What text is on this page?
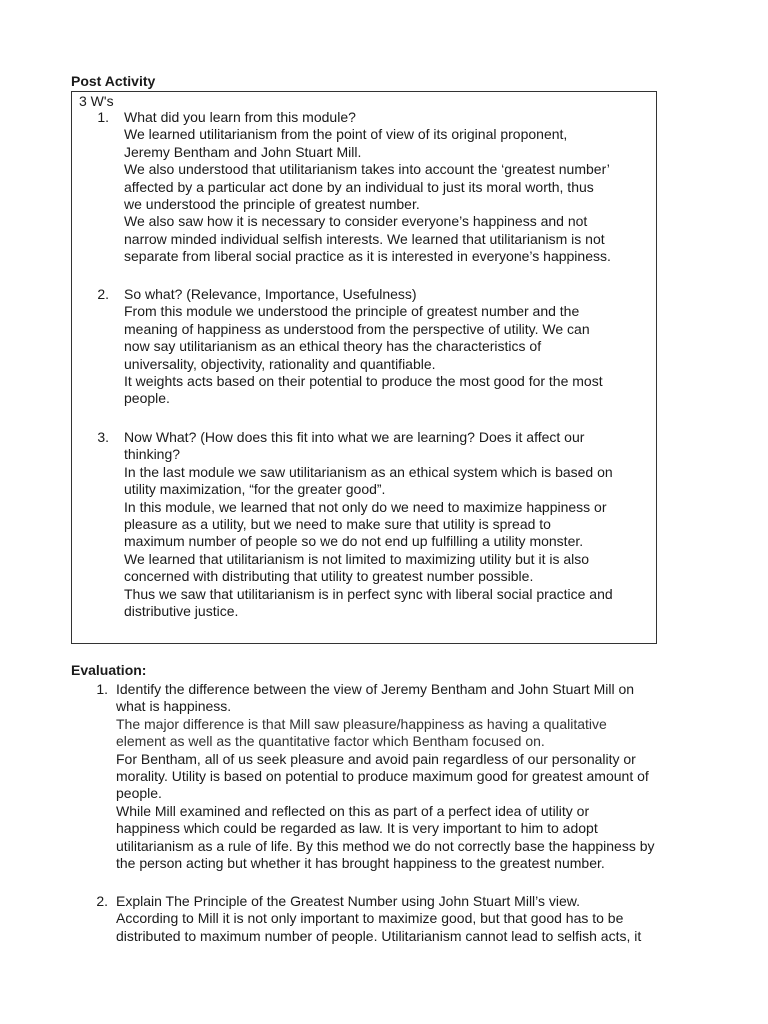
Post Activity
3 W's
1. What did you learn from this module?
We learned utilitarianism from the point of view of its original proponent,
Jeremy Bentham and John Stuart Mill.
We also understood that utilitarianism takes into account the ‘greatest number’
affected by a particular act done by an individual to just its moral worth, thus
we understood the principle of greatest number.
We also saw how it is necessary to consider everyone’s happiness and not
narrow minded individual selfish interests. We learned that utilitarianism is not
separate from liberal social practice as it is interested in everyone’s happiness.
2. So what? (Relevance, Importance, Usefulness)
From this module we understood the principle of greatest number and the
meaning of happiness as understood from the perspective of utility. We can
now say utilitarianism as an ethical theory has the characteristics of
universality, objectivity, rationality and quantifiable.
It weights acts based on their potential to produce the most good for the most
people.
3. Now What? (How does this fit into what we are learning? Does it affect our
thinking?
In the last module we saw utilitarianism as an ethical system which is based on
utility maximization, “for the greater good”.
In this module, we learned that not only do we need to maximize happiness or
pleasure as a utility, but we need to make sure that utility is spread to
maximum number of people so we do not end up fulfilling a utility monster.
We learned that utilitarianism is not limited to maximizing utility but it is also
concerned with distributing that utility to greatest number possible.
Thus we saw that utilitarianism is in perfect sync with liberal social practice and
distributive justice.
Evaluation:
1. Identify the difference between the view of Jeremy Bentham and John Stuart Mill on
what is happiness.
The major difference is that Mill saw pleasure/happiness as having a qualitative
element as well as the quantitative factor which Bentham focused on.
For Bentham, all of us seek pleasure and avoid pain regardless of our personality or
morality. Utility is based on potential to produce maximum good for greatest amount of
people.
While Mill examined and reflected on this as part of a perfect idea of utility or
happiness which could be regarded as law. It is very important to him to adopt
utilitarianism as a rule of life. By this method we do not correctly base the happiness by
the person acting but whether it has brought happiness to the greatest number.
2. Explain The Principle of the Greatest Number using John Stuart Mill’s view.
According to Mill it is not only important to maximize good, but that good has to be
distributed to maximum number of people. Utilitarianism cannot lead to selfish acts, it
